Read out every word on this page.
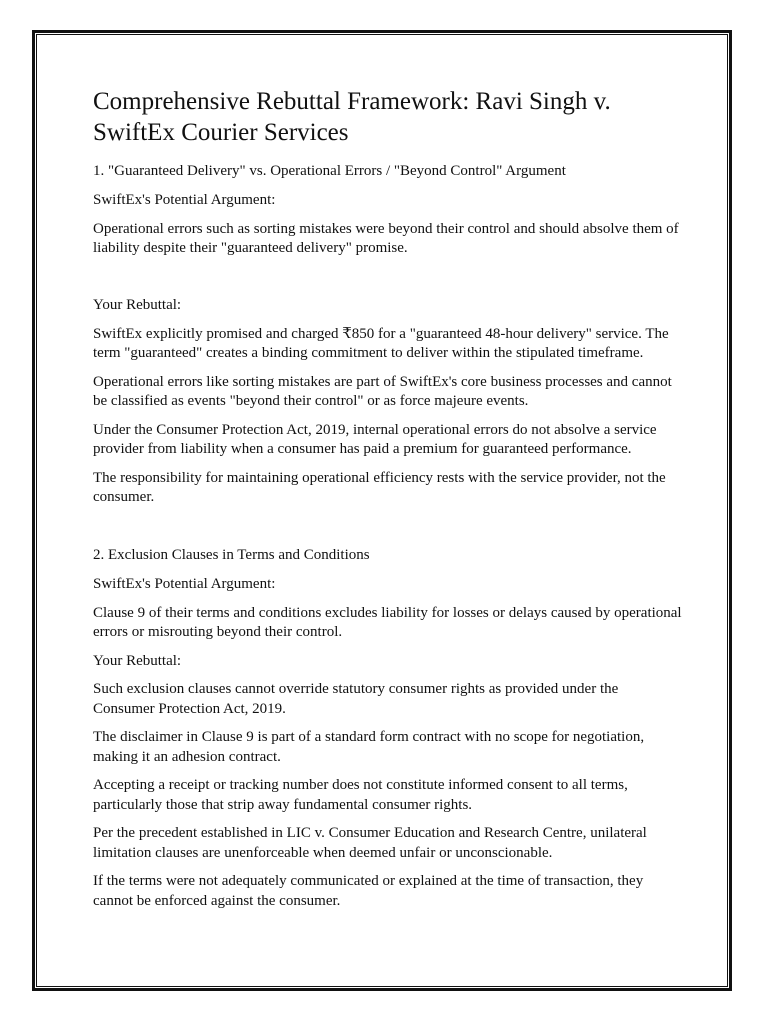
Comprehensive Rebuttal Framework: Ravi Singh v. SwiftEx Courier Services

1. "Guaranteed Delivery" vs. Operational Errors / "Beyond Control" Argument

SwiftEx's Potential Argument:

Operational errors such as sorting mistakes were beyond their control and should absolve them of liability despite their "guaranteed delivery" promise.

Your Rebuttal:

SwiftEx explicitly promised and charged ₹850 for a "guaranteed 48-hour delivery" service. The term "guaranteed" creates a binding commitment to deliver within the stipulated timeframe.

Operational errors like sorting mistakes are part of SwiftEx's core business processes and cannot be classified as events "beyond their control" or as force majeure events.

Under the Consumer Protection Act, 2019, internal operational errors do not absolve a service provider from liability when a consumer has paid a premium for guaranteed performance.

The responsibility for maintaining operational efficiency rests with the service provider, not the consumer.

2. Exclusion Clauses in Terms and Conditions

SwiftEx's Potential Argument:

Clause 9 of their terms and conditions excludes liability for losses or delays caused by operational errors or misrouting beyond their control.

Your Rebuttal:

Such exclusion clauses cannot override statutory consumer rights as provided under the Consumer Protection Act, 2019.

The disclaimer in Clause 9 is part of a standard form contract with no scope for negotiation, making it an adhesion contract.

Accepting a receipt or tracking number does not constitute informed consent to all terms, particularly those that strip away fundamental consumer rights.

Per the precedent established in LIC v. Consumer Education and Research Centre, unilateral limitation clauses are unenforceable when deemed unfair or unconscionable.

If the terms were not adequately communicated or explained at the time of transaction, they cannot be enforced against the consumer.
